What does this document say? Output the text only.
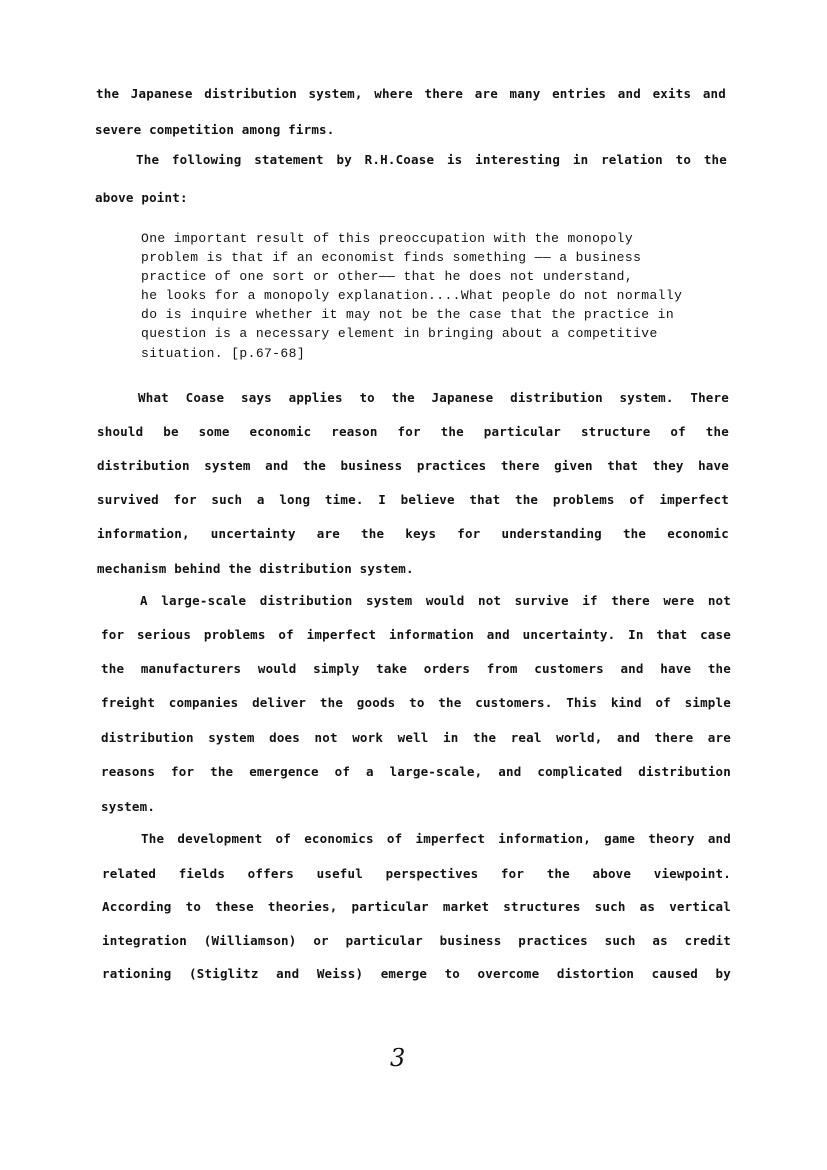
the Japanese distribution system, where there are many entries and exits and
severe competition among firms.
The following statement by R.H.Coase is interesting in relation to the
above point:
One important result of this preoccupation with the monopoly
problem is that if an economist finds something —— a business
practice of one sort or other—— that he does not understand,
he looks for a monopoly explanation....What people do not normally
do is inquire whether it may not be the case that the practice in
question is a necessary element in bringing about a competitive
situation. [p.67-68]
What Coase says applies to the Japanese distribution system. There
should be some economic reason for the particular structure of the
distribution system and the business practices there given that they have
survived for such a long time. I believe that the problems of imperfect
information, uncertainty are the keys for understanding the economic
mechanism behind the distribution system.
A large-scale distribution system would not survive if there were not
for serious problems of imperfect information and uncertainty. In that case
the manufacturers would simply take orders from customers and have the
freight companies deliver the goods to the customers. This kind of simple
distribution system does not work well in the real world, and there are
reasons for the emergence of a large-scale, and complicated distribution
system.
The development of economics of imperfect information, game theory and
related fields offers useful perspectives for the above viewpoint.
According to these theories, particular market structures such as vertical
integration (Williamson) or particular business practices such as credit
rationing (Stiglitz and Weiss) emerge to overcome distortion caused by
3
